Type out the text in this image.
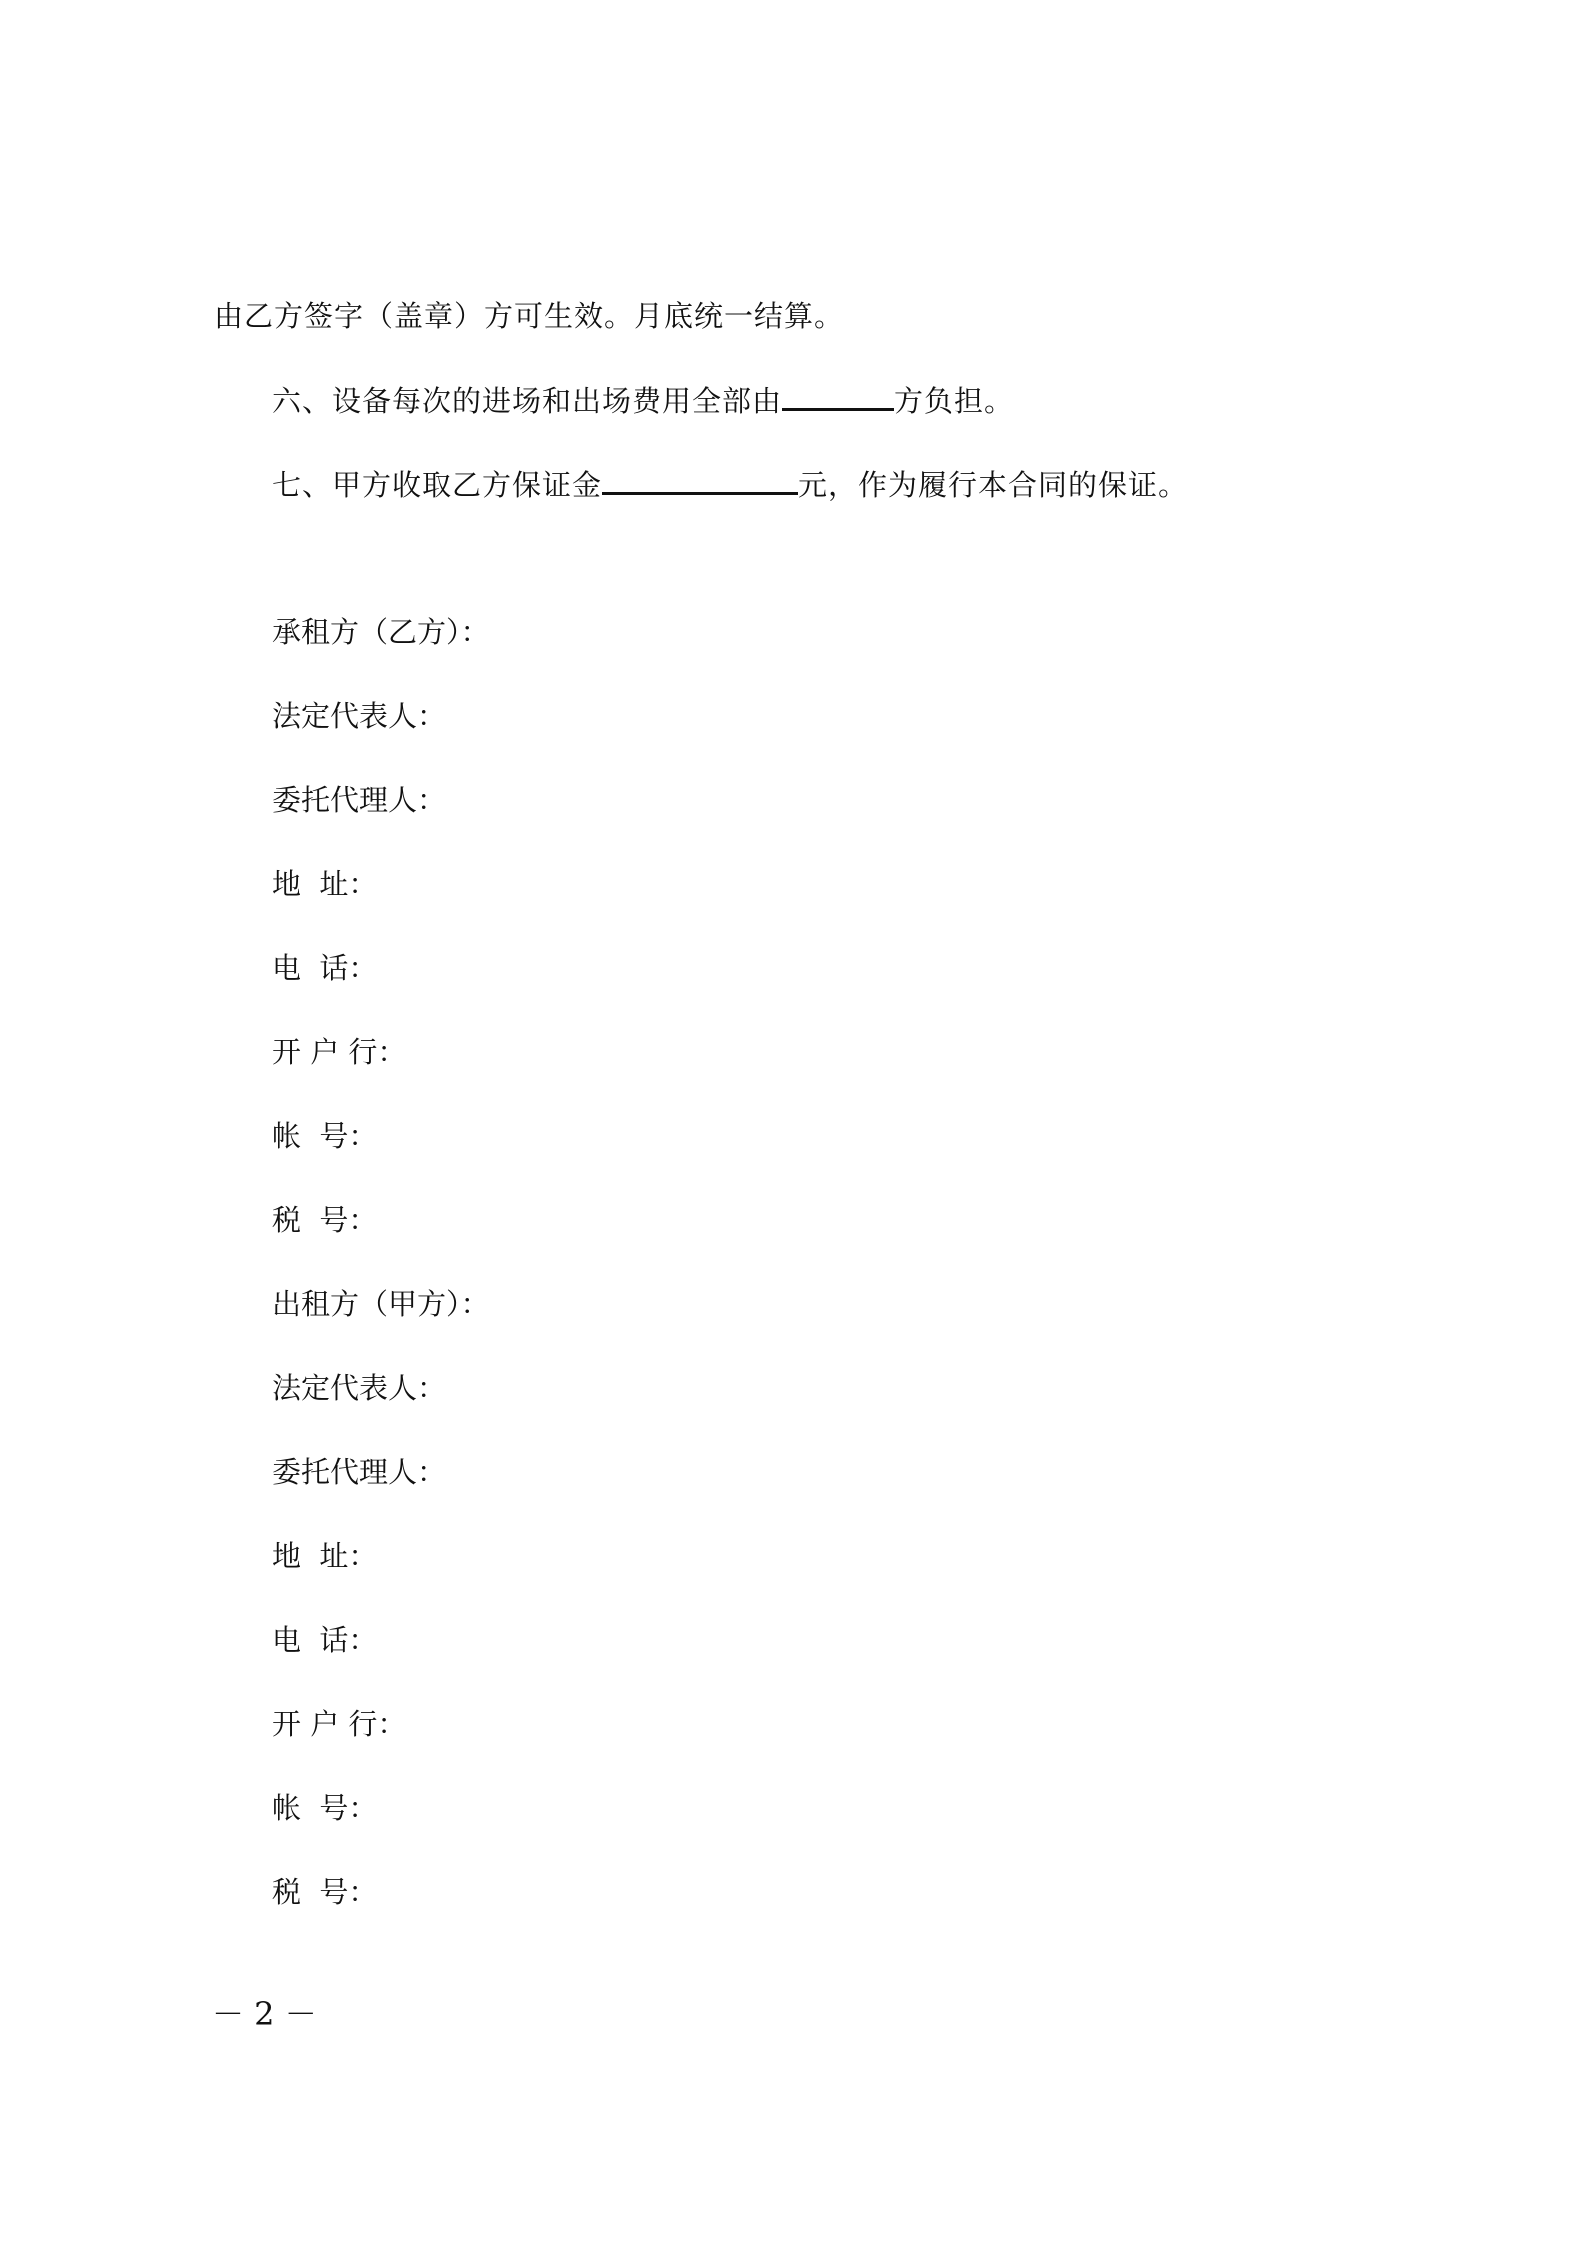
由乙方签字（盖章）方可生效。月底统一结算。
六、设备每次的进场和出场费用全部由	方负担。
七、甲方收取乙方保证金	元，作为履行本合同的保证。
承租方（乙方）：
法定代表人：
委托代理人：
地  址：
电  话：
开 户 行：
帐  号：
税  号：
出租方（甲方）：
法定代表人：
委托代理人：
地  址：
电  话：
开 户 行：
帐  号：
税  号：
－ 2 －
